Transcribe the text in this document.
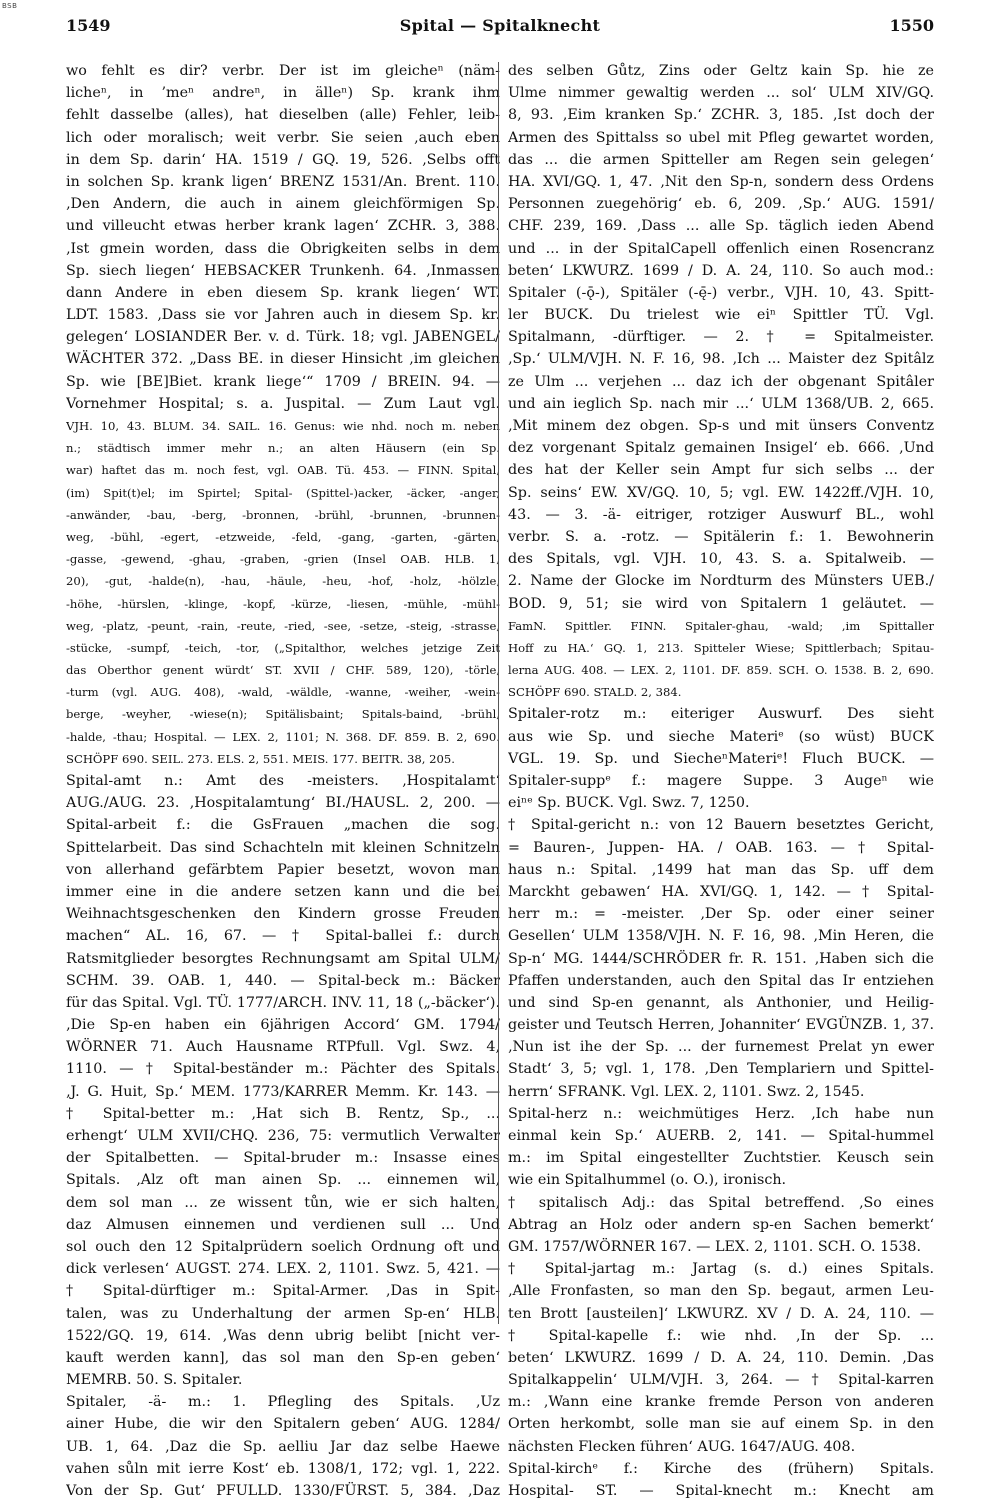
BSB
1549	Spital — Spitalknecht	1550
wo fehlt es dir? verbr. Der ist im gleicheⁿ (näm-
licheⁿ, in ’meⁿ andreⁿ, in älleⁿ) Sp. krank ihm
fehlt dasselbe (alles), hat dieselben (alle) Fehler, leib-
lich oder moralisch; weit verbr. Sie seien ‚auch eben
in dem Sp. darin‘ HA. 1519 / GQ. 19, 526. ‚Selbs offt
in solchen Sp. krank ligen‘ BRENZ 1531/An. Brent. 110.
‚Den Andern, die auch in ainem gleichförmigen Sp.
und villeucht etwas herber krank lagen‘ ZCHR. 3, 388.
‚Ist gmein worden, dass die Obrigkeiten selbs in dem
Sp. siech liegen‘ HEBSACKER Trunkenh. 64. ‚Inmassen
dann Andere in eben diesem Sp. krank liegen‘ WT.
LDT. 1583. ‚Dass sie vor Jahren auch in diesem Sp. kr.
gelegen‘ LOSIANDER Ber. v. d. Türk. 18; vgl. JABENGEL/
WÄCHTER 372. „Dass BE. in dieser Hinsicht ‚im gleichen
Sp. wie [BE]Biet. krank liege‘“ 1709 / BREIN. 94. —
Vornehmer Hospital; s. a. Juspital. — Zum Laut vgl.
VJH. 10, 43. BLUM. 34. SAIL. 16. Genus: wie nhd. noch m. neben
n.; städtisch immer mehr n.; an alten Häusern (ein Sp.
war) haftet das m. noch fest, vgl. OAB. Tü. 453. — FINN. Spital,
(im) Spit(t)el; im Spirtel; Spital- (Spittel-)acker, -äcker, -anger,
-anwänder, -bau, -berg, -bronnen, -brühl, -brunnen, -brunnen-
weg, -bühl, -egert, -etzweide, -feld, -gang, -garten, -gärten,
-gasse, -gewend, -ghau, -graben, -grien (Insel OAB. HLB. 1,
20), -gut, -halde(n), -hau, -häule, -heu, -hof, -holz, -hölzle,
-höhe, -hürslen, -klinge, -kopf, -kürze, -liesen, -mühle, -mühl-
weg, -platz, -peunt, -rain, -reute, -ried, -see, -setze, -steig, -strasse,
-stücke, -sumpf, -teich, -tor, („Spitalthor, welches jetzige Zeit
das Oberthor genent würdt‘ ST. XVII / CHF. 589, 120), -törle,
-turm (vgl. AUG. 408), -wald, -wäldle, -wanne, -weiher, -wein-
berge, -weyher, -wiese(n); Spitälisbaint; Spitals-baind, -brühl,
-halde, -thau; Hospital. — LEX. 2, 1101; N. 368. DF. 859. B. 2, 690.
SCHÖPF 690. SEIL. 273. ELS. 2, 551. MEIS. 177. BEITR. 38, 205.
Spital-amt n.: Amt des -meisters. ‚Hospitalamt‘
AUG./AUG. 23. ‚Hospitalamtung‘ BI./HAUSL. 2, 200. —
Spital-arbeit f.: die GsFrauen „machen die sog.
Spittelarbeit. Das sind Schachteln mit kleinen Schnitzeln
von allerhand gefärbtem Papier besetzt, wovon man
immer eine in die andere setzen kann und die bei
Weihnachtsgeschenken den Kindern grosse Freuden
machen“ AL. 16, 67. — † Spital-ballei f.: durch
Ratsmitglieder besorgtes Rechnungsamt am Spital ULM/
SCHM. 39. OAB. 1, 440. — Spital-beck m.: Bäcker
für das Spital. Vgl. TÜ. 1777/ARCH. INV. 11, 18 („-bäcker‘).
‚Die Sp-en haben ein 6jährigen Accord‘ GM. 1794/
WÖRNER 71. Auch Hausname RTPfull. Vgl. Swz. 4,
1110. — † Spital-beständer m.: Pächter des Spitals.
‚J. G. Huit, Sp.‘ MEM. 1773/KARRER Memm. Kr. 143. —
† Spital-better m.: ‚Hat sich B. Rentz, Sp., ...
erhengt‘ ULM XVII/CHQ. 236, 75: vermutlich Verwalter
der Spitalbetten. — Spital-bruder m.: Insasse eines
Spitals. ‚Alz oft man ainen Sp. ... einnemen wil,
dem sol man ... ze wissent tůn, wie er sich halten,
daz Almusen einnemen und verdienen sull ... Und
sol ouch den 12 Spitalprüdern soelich Ordnung oft und
dick verlesen‘ AUGST. 274. LEX. 2, 1101. Swz. 5, 421. —
† Spital-dürftiger m.: Spital-Armer. ‚Das in Spit-
talen, was zu Underhaltung der armen Sp-en‘ HLB.
1522/GQ. 19, 614. ‚Was denn ubrig belibt [nicht ver-
kauft werden kann], das sol man den Sp-en geben‘
MEMRB. 50. S. Spitaler.
Spitaler, -ä- m.: 1. Pflegling des Spitals. ‚Uz
ainer Hube, die wir den Spitalern geben‘ AUG. 1284/
UB. 1, 64. ‚Daz die Sp. aelliu Jar daz selbe Haewe
vahen sůln mit ierre Kost‘ eb. 1308/1, 172; vgl. 1, 222.
Von der Sp. Gut‘ PFULLD. 1330/FÜRST. 5, 384. ‚Daz
des selben Gůtz, Zins oder Geltz kain Sp. hie ze
Ulme nimmer gewaltig werden ... sol‘ ULM XIV/GQ.
8, 93. ‚Eim kranken Sp.‘ ZCHR. 3, 185. ‚Ist doch der
Armen des Spittalss so ubel mit Pfleg gewartet worden,
das ... die armen Spitteller am Regen sein gelegen‘
HA. XVI/GQ. 1, 47. ‚Nit den Sp-n, sondern dess Ordens
Personnen zuegehörig‘ eb. 6, 209. ‚Sp.‘ AUG. 1591/
CHF. 239, 169. ‚Dass ... alle Sp. täglich ieden Abend
und ... in der SpitalCapell offenlich einen Rosencranz
beten‘ LKWURZ. 1699 / D. A. 24, 110. So auch mod.:
Spitaler (-ǭ-), Spitäler (-ę̄-) verbr., VJH. 10, 43. Spitt-
ler BUCK. Du trielest wie eiⁿ Spittler TÜ. Vgl.
Spitalmann, -dürftiger. — 2. † = Spitalmeister.
‚Sp.‘ ULM/VJH. N. F. 16, 98. ‚Ich ... Maister dez Spitâlz
ze Ulm ... verjehen ... daz ich der obgenant Spitâler
und ain ieglich Sp. nach mir ...‘ ULM 1368/UB. 2, 665.
‚Mit minem dez obgen. Sp-s und mit ünsers Conventz
dez vorgenant Spitalz gemainen Insigel‘ eb. 666. ‚Und
des hat der Keller sein Ampt fur sich selbs ... der
Sp. seins‘ EW. XV/GQ. 10, 5; vgl. EW. 1422ff./VJH. 10,
43. — 3. -ä- eitriger, rotziger Auswurf BL., wohl
verbr. S. a. -rotz. — Spitälerin f.: 1. Bewohnerin
des Spitals, vgl. VJH. 10, 43. S. a. Spitalweib. —
2. Name der Glocke im Nordturm des Münsters UEB./
BOD. 9, 51; sie wird von Spitalern 1 geläutet. —
FamN. Spittler. FINN. Spitaler-ghau, -wald; ‚im Spittaller
Hoff zu HA.‘ GQ. 1, 213. Spitteler Wiese; Spittlerbach; Spitau-
lerna AUG. 408. — LEX. 2, 1101. DF. 859. SCH. O. 1538. B. 2, 690.
SCHÖPF 690. STALD. 2, 384.
Spitaler-rotz m.: eiteriger Auswurf. Des sieht
aus wie Sp. und sieche Materiᵉ (so wüst) BUCK
VGL. 19. Sp. und SiecheⁿMateriᵉ! Fluch BUCK. —
Spitaler-suppᵉ f.: magere Suppe. 3 Augeⁿ wie
eiⁿᵉ Sp. BUCK. Vgl. Swz. 7, 1250.
† Spital-gericht n.: von 12 Bauern besetztes Gericht,
= Bauren-, Juppen- HA. / OAB. 163. — † Spital-
haus n.: Spital. ‚1499 hat man das Sp. uff dem
Marckht gebawen‘ HA. XVI/GQ. 1, 142. — † Spital-
herr m.: = -meister. ‚Der Sp. oder einer seiner
Gesellen‘ ULM 1358/VJH. N. F. 16, 98. ‚Min Heren, die
Sp-n‘ MG. 1444/SCHRÖDER fr. R. 151. ‚Haben sich die
Pfaffen understanden, auch den Spital das Ir entziehen
und sind Sp-en genannt, als Anthonier, und Heilig-
geister und Teutsch Herren, Johanniter‘ EVGÜNZB. 1, 37.
‚Nun ist ihe der Sp. ... der furnemest Prelat yn ewer
Stadt‘ 3, 5; vgl. 1, 178. ‚Den Templariern und Spittel-
herrn‘ SFRANK. Vgl. LEX. 2, 1101. Swz. 2, 1545.
Spital-herz n.: weichmütiges Herz. ‚Ich habe nun
einmal kein Sp.‘ AUERB. 2, 141. — Spital-hummel
m.: im Spital eingestellter Zuchtstier. Keusch sein
wie ein Spitalhummel (o. O.), ironisch.
† spitalisch Adj.: das Spital betreffend. ‚So eines
Abtrag an Holz oder andern sp-en Sachen bemerkt‘
GM. 1757/WÖRNER 167. — LEX. 2, 1101. SCH. O. 1538.
† Spital-jartag m.: Jartag (s. d.) eines Spitals.
‚Alle Fronfasten, so man den Sp. begaut, armen Leu-
ten Brott [austeilen]‘ LKWURZ. XV / D. A. 24, 110. —
† Spital-kapelle f.: wie nhd. ‚In der Sp. ...
beten‘ LKWURZ. 1699 / D. A. 24, 110. Demin. ‚Das
Spitalkappelin‘ ULM/VJH. 3, 264. — † Spital-karren
m.: ‚Wann eine kranke fremde Person von anderen
Orten herkombt, solle man sie auf einem Sp. in den
nächsten Flecken führen‘ AUG. 1647/AUG. 408.
Spital-kirchᵉ f.: Kirche des (frühern) Spitals.
Hospital- ST. — Spital-knecht m.: Knecht am
